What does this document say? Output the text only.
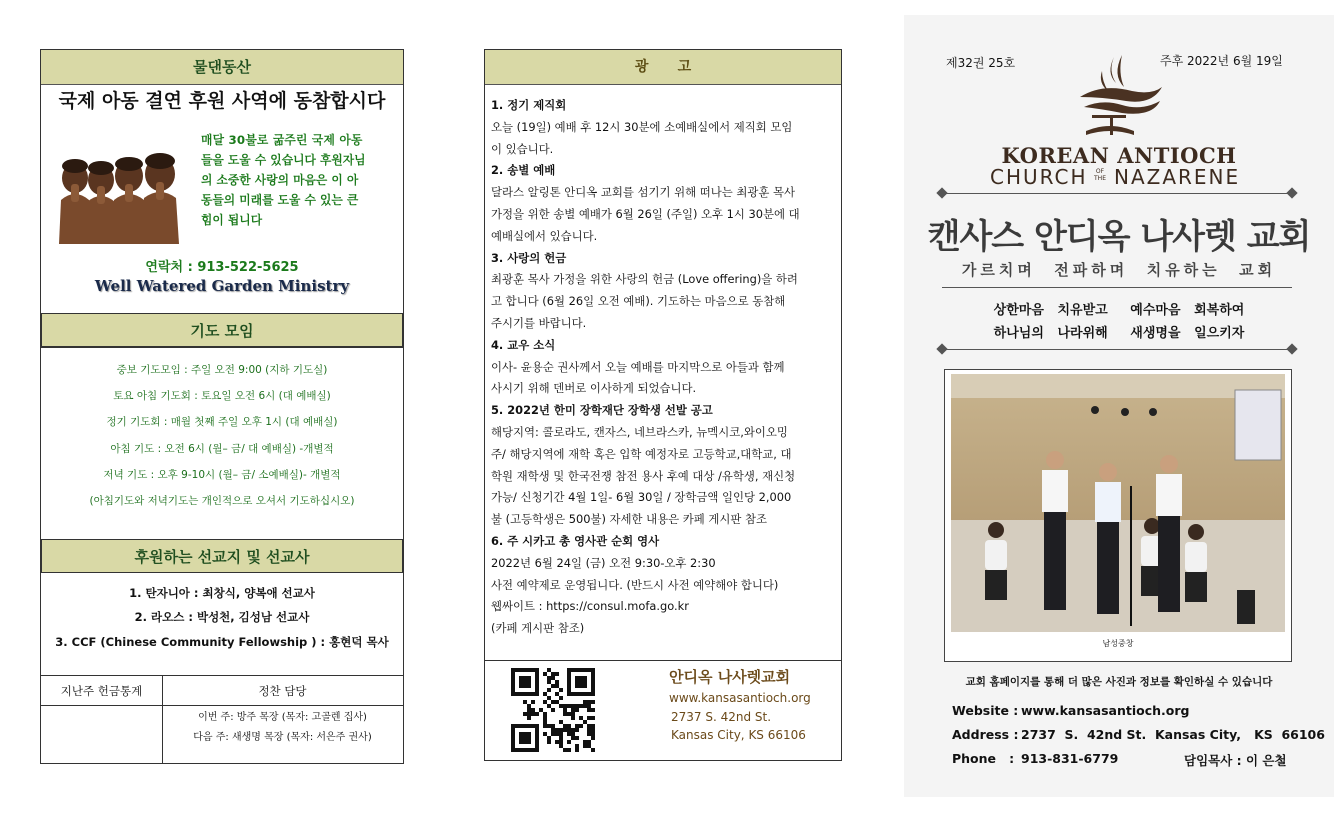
물댄동산
국제 아동 결연 후원 사역에 동참합시다
매달 30불로 굶주린 국제 아동
들을 도울 수 있습니다 후원자님
의 소중한 사랑의 마음은 이 아
동들의 미래를 도울 수 있는 큰
힘이 됩니다
연락처 : 913-522-5625
Well Watered Garden Ministry
기도 모임
중보 기도모임 : 주일 오전 9:00 (지하 기도실)
토요 아침 기도회 : 토요일 오전 6시 (대 예배실)
정기 기도회 : 매월 첫째 주일 오후 1시 (대 예배실)
아침 기도 : 오전 6시 (월– 금/ 대 예배실) -개별적
저녁 기도 : 오후 9-10시 (월– 금/ 소예배실)- 개별적
(아침기도와 저녁기도는 개인적으로 오셔서 기도하십시오)
후원하는 선교지 및 선교사
1. 탄자니아 : 최창식, 양복애 선교사
2. 라오스 : 박성천, 김성남 선교사
3. CCF (Chinese Community Fellowship ) : 홍현덕 목사
지난주 헌금통계	정찬 담당
이번 주: 방주 목장 (목자: 고골렌 집사)
다음 주: 새생명 목장 (목자: 서은주 권사)
광      고
1. 정기 제직회
오늘 (19일) 예배 후 12시 30분에 소예배실에서 제직회 모임
이 있습니다.
2. 송별 예배
달라스 알링톤 안디옥 교회를 섬기기 위해 떠나는 최광훈 목사
가정을 위한 송별 예배가 6월 26일 (주일) 오후 1시 30분에 대
예배실에서 있습니다.
3. 사랑의 헌금
최광훈 목사 가정을 위한 사랑의 헌금 (Love offering)을 하려
고 합니다 (6월 26일 오전 예배). 기도하는 마음으로 동참해
주시기를 바랍니다.
4. 교우 소식
이사- 윤용순 권사께서 오늘 예배를 마지막으로 아들과 함께
사시기 위해 덴버로 이사하게 되었습니다.
5. 2022년 한미 장학재단 장학생 선발 공고
해당지역: 콜로라도, 캔자스, 네브라스카, 뉴멕시코,와이오밍
주/ 해당지역에 재학 혹은 입학 예정자로 고등학교,대학교, 대
학원 재학생 및 한국전쟁 참전 용사 후예 대상 /유학생, 재신청
가능/ 신청기간 4월 1일- 6월 30일 / 장학금액 일인당 2,000
불 (고등학생은 500불) 자세한 내용은 카페 게시판 참조
6. 주 시카고 총 영사관 순회 영사
2022년 6월 24일 (금) 오전 9:30-오후 2:30
사전 예약제로 운영됩니다. (반드시 사전 예약해야 합니다)
웹싸이트 : https://consul.mofa.go.kr
(카페 게시판 참조)
안디옥 나사렛교회
www.kansasantioch.org
2737 S. 42nd St.
Kansas City, KS 66106
제32권 25호	주후 2022년 6월 19일
KOREAN ANTIOCH
CHURCH	OF THE NAZARENE
캔사스 안디옥 나사렛 교회
가르치며  전파하며  치유하는  교회
상한마음   치유받고     예수마음   회복하여
하나님의   나라위해     새생명을   일으키자
남성중창
교회 홈페이지를 통해 더 많은 사진과 정보를 확인하실 수 있습니다
Website : www.kansasantioch.org
Address : 2737  S.  42nd St.  Kansas City,   KS  66106
Phone   : 913-831-6779	담임목사 : 이 은철
